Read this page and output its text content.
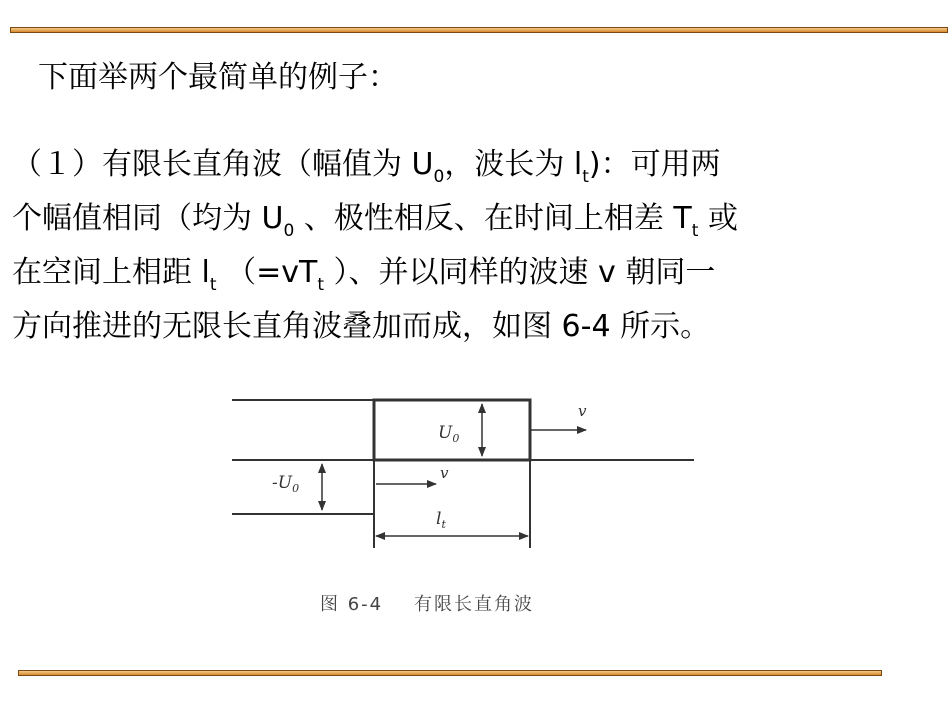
下面举两个最简单的例子：
（１）有限长直角波（幅值为 $U_0$，波长为 $l_t$)：可用两
个幅值相同（均为 $U_0$ 、极性相反、在时间上相差 $T_t$ 或
在空间上相距 $l_t$ （$=vT_t$ ）、并以同样的波速 v 朝同一
方向推进的无限长直角波叠加而成，如图 6-4 所示。
$U_0$
$-U_0$
v
v
$l_t$
图 6-4    有限长直角波
